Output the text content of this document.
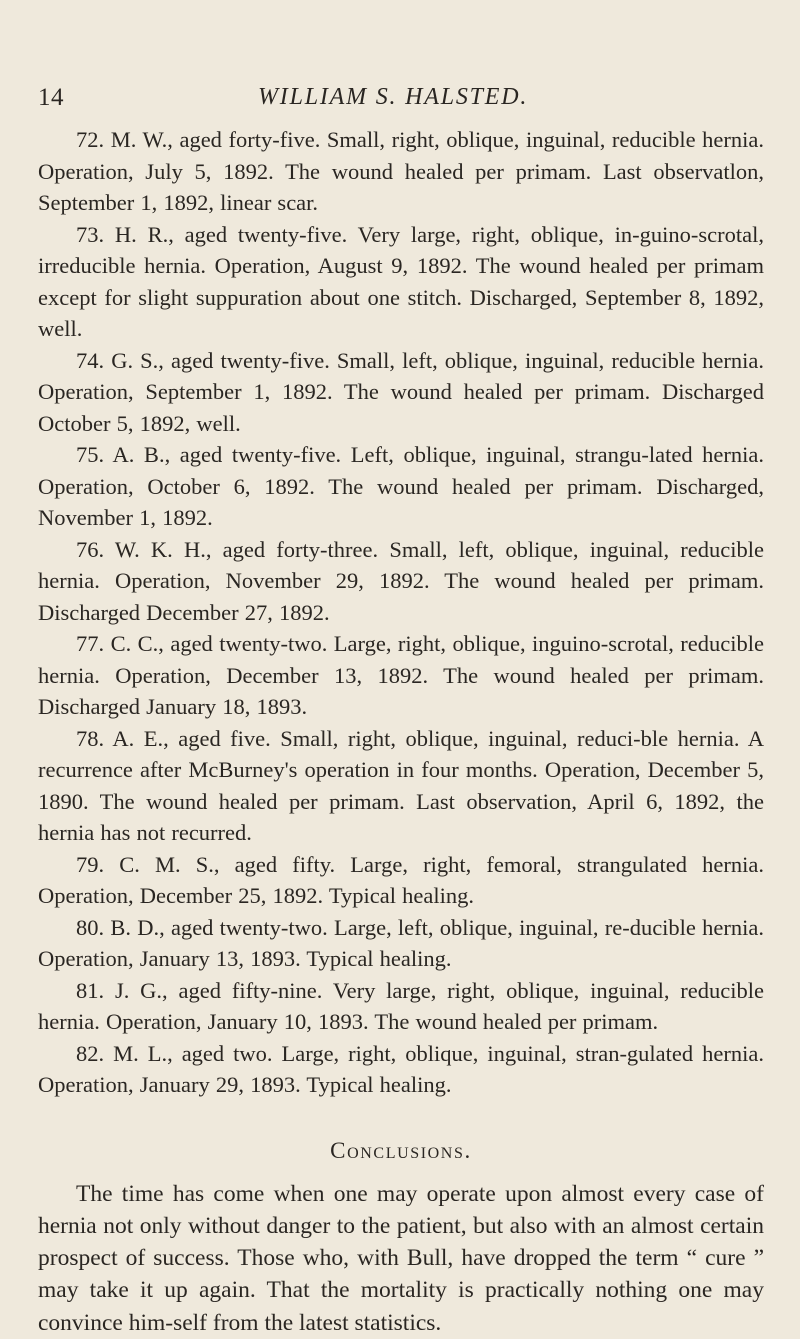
14	WILLIAM S. HALSTED.

72. M. W., aged forty-five. Small, right, oblique, inguinal, reducible hernia. Operation, July 5, 1892. The wound healed per primam. Last observatlon, September 1, 1892, linear scar.

73. H. R., aged twenty-five. Very large, right, oblique, in-guino-scrotal, irreducible hernia. Operation, August 9, 1892. The wound healed per primam except for slight suppuration about one stitch. Discharged, September 8, 1892, well.

74. G. S., aged twenty-five. Small, left, oblique, inguinal, reducible hernia. Operation, September 1, 1892. The wound healed per primam. Discharged October 5, 1892, well.

75. A. B., aged twenty-five. Left, oblique, inguinal, strangu-lated hernia. Operation, October 6, 1892. The wound healed per primam. Discharged, November 1, 1892.

76. W. K. H., aged forty-three. Small, left, oblique, inguinal, reducible hernia. Operation, November 29, 1892. The wound healed per primam. Discharged December 27, 1892.

77. C. C., aged twenty-two. Large, right, oblique, inguino-scrotal, reducible hernia. Operation, December 13, 1892. The wound healed per primam. Discharged January 18, 1893.

78. A. E., aged five. Small, right, oblique, inguinal, reduci-ble hernia. A recurrence after McBurney's operation in four months. Operation, December 5, 1890. The wound healed per primam. Last observation, April 6, 1892, the hernia has not recurred.

79. C. M. S., aged fifty. Large, right, femoral, strangulated hernia. Operation, December 25, 1892. Typical healing.

80. B. D., aged twenty-two. Large, left, oblique, inguinal, re-ducible hernia. Operation, January 13, 1893. Typical healing.

81. J. G., aged fifty-nine. Very large, right, oblique, inguinal, reducible hernia. Operation, January 10, 1893. The wound healed per primam.

82. M. L., aged two. Large, right, oblique, inguinal, stran-gulated hernia. Operation, January 29, 1893. Typical healing.

Conclusions.

The time has come when one may operate upon almost every case of hernia not only without danger to the patient, but also with an almost certain prospect of success. Those who, with Bull, have dropped the term “ cure ” may take it up again. That the mortality is practically nothing one may convince him-self from the latest statistics.
